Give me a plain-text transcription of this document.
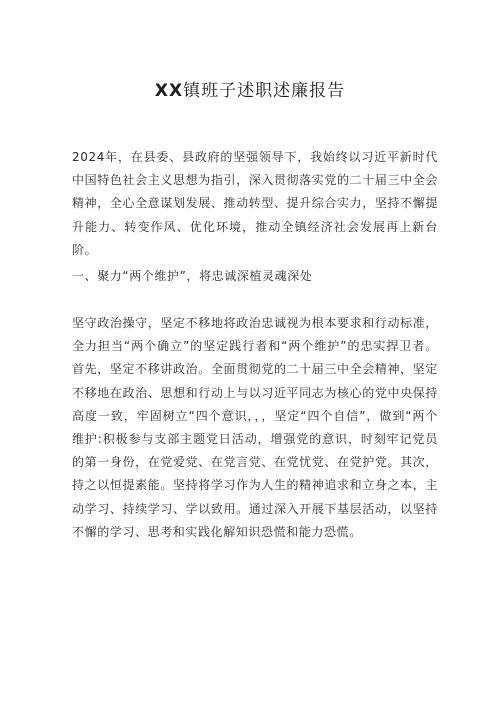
XX镇班子述职述廉报告

2024年，在县委、县政府的坚强领导下，我始终以习近平新时代中国特色社会主义思想为指引，深入贯彻落实党的二十届三中全会精神，全心全意谋划发展、推动转型、提升综合实力，坚持不懈提升能力、转变作风、优化环境，推动全镇经济社会发展再上新台阶。

一、聚力“两个维护”，将忠诚深植灵魂深处

坚守政治操守，坚定不移地将政治忠诚视为根本要求和行动标准，全力担当“两个确立”的坚定践行者和“两个维护”的忠实捍卫者。首先，坚定不移讲政治。全面贯彻党的二十届三中全会精神，坚定不移地在政治、思想和行动上与以习近平同志为核心的党中央保持高度一致，牢固树立“四个意识，，，坚定“四个自信”，做到“两个维护:积极参与支部主题党日活动，增强党的意识，时刻牢记党员的第一身份，在党爱党、在党言党、在党忧党、在党护党。其次，持之以恒提素能。坚持将学习作为人生的精神追求和立身之本，主动学习、持续学习、学以致用。通过深入开展下基层活动，以坚持不懈的学习、思考和实践化解知识恐慌和能力恐慌。
